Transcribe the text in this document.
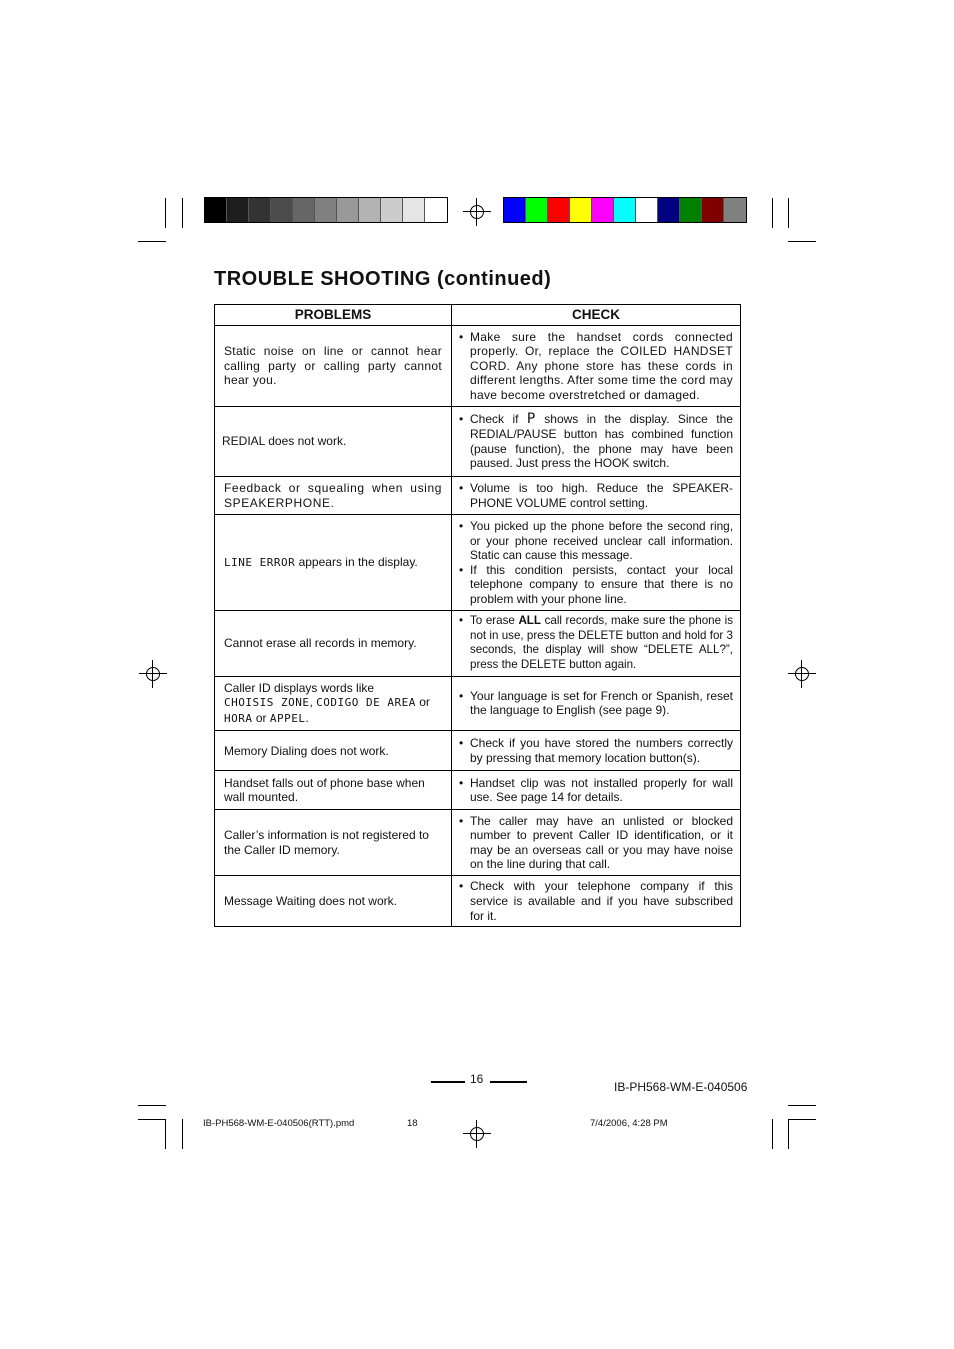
TROUBLE SHOOTING (continued)
PROBLEMS	CHECK

Static noise on line or cannot hear calling party or calling party cannot hear you.	• Make sure the handset cords connected properly. Or, replace the COILED HANDSET CORD. Any phone store has these cords in different lengths. After some time the cord may have become overstretched or damaged.

REDIAL does not work.	• Check if P shows in the display. Since the REDIAL/PAUSE button has combined function (pause function), the phone may have been paused. Just press the HOOK switch.

Feedback or squealing when using SPEAKERPHONE.	• Volume is too high. Reduce the SPEAKER-PHONE VOLUME control setting.

LINE ERROR appears in the display.	• You picked up the phone before the second ring, or your phone received unclear call information. Static can cause this message.
• If this condition persists, contact your local telephone company to ensure that there is no problem with your phone line.

Cannot erase all records in memory.	• To erase ALL call records, make sure the phone is not in use, press the DELETE button and hold for 3 seconds, the display will show “DELETE ALL?”, press the DELETE button again.

Caller ID displays words like
CHOISIS ZONE, CODIGO DE AREA or
HORA or APPEL.	• Your language is set for French or Spanish, reset the language to English (see page 9).

Memory Dialing does not work.	• Check if you have stored the numbers correctly by pressing that memory location button(s).

Handset falls out of phone base when wall mounted.	• Handset clip was not installed properly for wall use. See page 14 for details.

Caller’s information is not registered to the Caller ID memory.	• The caller may have an unlisted or blocked number to prevent Caller ID identification, or it may be an overseas call or you may have noise on the line during that call.

Message Waiting does not work.	• Check with your telephone company if this service is available and if you have subscribed for it.
16
IB-PH568-WM-E-040506
IB-PH568-WM-E-040506(RTT).pmd	18	7/4/2006, 4:28 PM
